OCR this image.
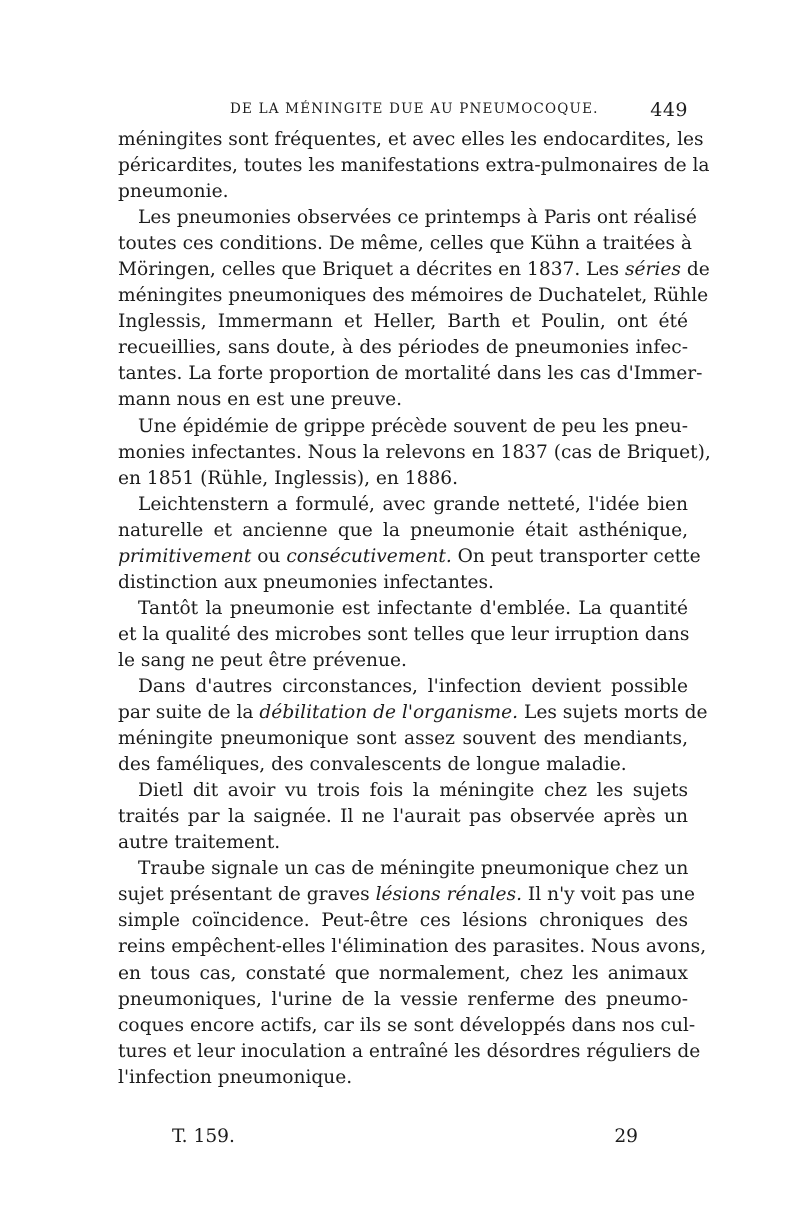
DE LA MÉNINGITE DUE AU PNEUMOCOQUE.	449
méningites sont fréquentes, et avec elles les endocardites, les
péricardites, toutes les manifestations extra-pulmonaires de la
pneumonie.
Les pneumonies observées ce printemps à Paris ont réalisé
toutes ces conditions. De même, celles que Kühn a traitées à
Möringen, celles que Briquet a décrites en 1837. Les séries de
méningites pneumoniques des mémoires de Duchatelet, Rühle
Inglessis, Immermann et Heller, Barth et Poulin, ont été
recueillies, sans doute, à des périodes de pneumonies infec-
tantes. La forte proportion de mortalité dans les cas d'Immer-
mann nous en est une preuve.
Une épidémie de grippe précède souvent de peu les pneu-
monies infectantes. Nous la relevons en 1837 (cas de Briquet),
en 1851 (Rühle, Inglessis), en 1886.
Leichtenstern a formulé, avec grande netteté, l'idée bien
naturelle et ancienne que la pneumonie était asthénique,
primitivement ou consécutivement. On peut transporter cette
distinction aux pneumonies infectantes.
Tantôt la pneumonie est infectante d'emblée. La quantité
et la qualité des microbes sont telles que leur irruption dans
le sang ne peut être prévenue.
Dans d'autres circonstances, l'infection devient possible
par suite de la débilitation de l'organisme. Les sujets morts de
méningite pneumonique sont assez souvent des mendiants,
des faméliques, des convalescents de longue maladie.
Dietl dit avoir vu trois fois la méningite chez les sujets
traités par la saignée. Il ne l'aurait pas observée après un
autre traitement.
Traube signale un cas de méningite pneumonique chez un
sujet présentant de graves lésions rénales. Il n'y voit pas une
simple coïncidence. Peut-être ces lésions chroniques des
reins empêchent-elles l'élimination des parasites. Nous avons,
en tous cas, constaté que normalement, chez les animaux
pneumoniques, l'urine de la vessie renferme des pneumo-
coques encore actifs, car ils se sont développés dans nos cul-
tures et leur inoculation a entraîné les désordres réguliers de
l'infection pneumonique.
T. 159.	29
